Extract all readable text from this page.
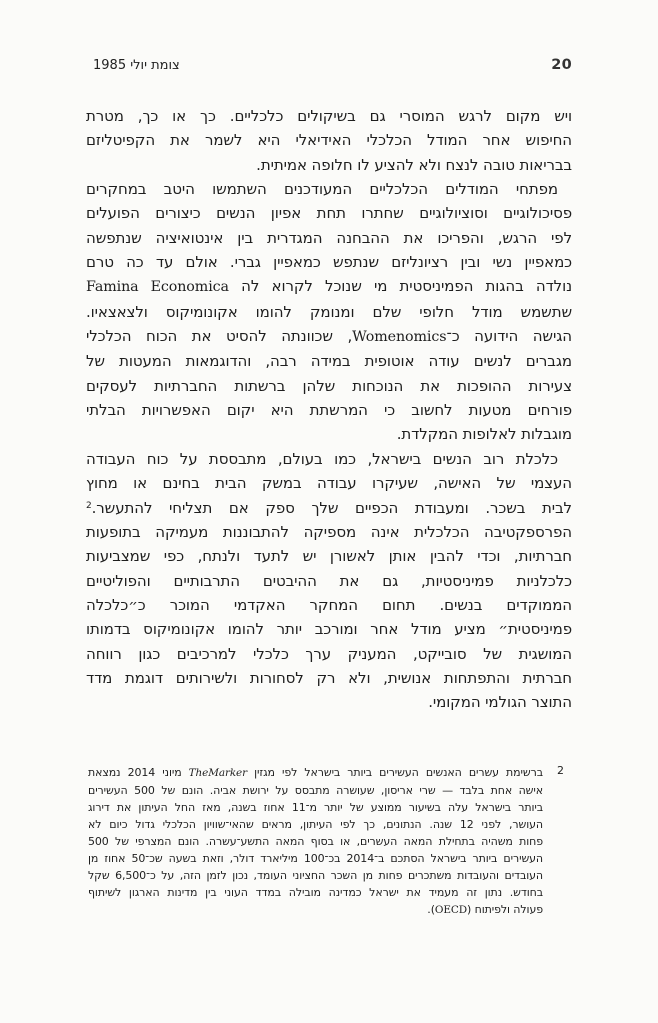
צומת יולי 1985	20
ויש מקום לרגש המוסרי גם בשיקולים כלכליים. כך או כך, מטרת
החיפוש אחר המודל הכלכלי האידיאלי היא לשמר את הקפיטליזם
בבריאות טובה לנצח ולא להציע לו חלופה אמיתית.
מפתחי המודלים הכלכליים המעודכנים השתמשו היטב במחקרים
פסיכולוגיים וסוציולוגיים שחתרו תחת אפיון הנשים כיצורים הפועלים
לפי הרגש, והפריכו את ההבחנה המגדרית בין אינטואיציה שנתפשה
כמאפיין נשי ובין רציונליזם שנתפש כמאפיין גברי. אולם עד כה טרם
נולדה בהגות הפמיניסטית מי שנוכל לקרוא לה Famina Economica
שתשמש מודל חלופי שלם ומנומק להומו אקונומיקוס ולצאצאיו.
הגישה הידועה כ־Womenomics, שכוונתה להסיט את הכוח הכלכלי
מגברים לנשים עודה אוטופית במידה רבה, והדוגמאות המעטות של
צעירות ההופכות את הנוכחות שלהן ברשתות החברתיות לעסקים
פורחים מטעות לחשוב כי המרשתת היא יקום האפשרויות הבלתי
מוגבלות לאלופות המקלדת.
כלכלת רוב הנשים בישראל, כמו בעולם, מתבססת על כוח העבודה
העצמי של האישה, שעיקרו עבודה במשק הבית בחינם או מחוץ
לבית בשכר. ומעבודת הכפיים שלך ספק אם תצליחי להתעשר.$^2$
הפרספקטיבה הכלכלית אינה מספיקה להתבוננות מעמיקה בתופעות
חברתיות, וכדי להבין אותן לאשורן יש לתעד ולנתח, כפי שמצביעות
כלכלניות פמיניסטיות, גם את ההיבטים התרבותיים והפוליטיים
הממוקדים בנשים. תחום המחקר האקדמי המוכר כ״כלכלה
פמיניסטית״ מציע מודל אחר ומורכב יותר להומו אקונומיקוס בדמותו
המושגית של סובייקט, המעניק ערך כלכלי למרכיבים כגון רווחה
חברתית והתפתחות אנושית, ולא רק לסחורות ולשירותים דוגמת מדד
התוצר הגולמי המקומי.
2
ברשימת עשרים האנשים העשירים ביותר בישראל לפי מגזין TheMarker מיוני 2014 נמצאת
אישה אחת בלבד — שרי אריסון, שעושרה מתבסס על ירושת אביה. הונם של 500 העשירים
ביותר בישראל עלה בשיעור ממוצע של יותר מ־11 אחוז בשנה, מאז החל העיתון את דירוג
העושר, לפני 12 שנה. הנתונים, כך לפי העיתון, מראים שהאי־שוויון הכלכלי גדול כיום לא
פחות משהיה בתחילת המאה העשרים, או בסוף המאה התשע־עשרה. הונם המצרפי של 500
העשירים ביותר בישראל הסתכם ב־2014 בכ־100 מיליארד דולר, וזאת בשעה שכ־50 אחוז מן
העובדים והעובדות משתכרים פחות מן השכר החציוני העומד, נכון לזמן הזה, על כ־6,500 שקל
בחודש. נתון זה מעמיד את ישראל כמדינה מובילה במדד העוני בין מדינות הארגון לשיתוף
פעולה ולפיתוח (OECD).
